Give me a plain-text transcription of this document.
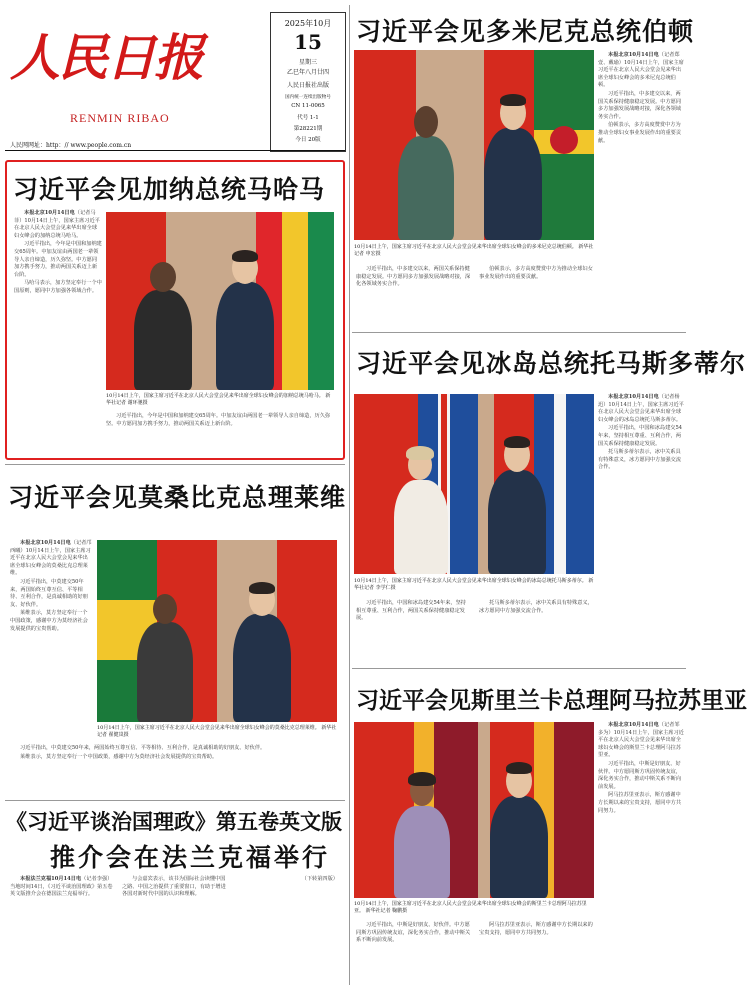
人民日报
RENMIN RIBAO
2025年10月
15
星期三
乙巳年八月廿四
人民日报社出版
国内统一连续出版物号
CN 11-0065
代号 1-1
第28221期
今日 20版
人民网网址：http：// www.people.com.cn
习近平会见加纳总统马哈马

本报北京10月14日电（记者马菲）10月14日上午，国家主席习近平在北京人民大会堂会见来华出席全球妇女峰会的加纳总统马哈马。

习近平指出，今年是中国和加纳建交65周年。中加友谊由两国老一辈领导人亲自缔造，历久弥坚。中方愿同加方携手努力，推动两国关系迈上新台阶。

马哈马表示，加方坚定奉行一个中国原则，愿同中方加强各领域合作。

10月14日上午，国家主席习近平在北京人民大会堂会见来华出席全球妇女峰会的加纳总统马哈马。 新华社记者 谢环驰摄

习近平指出，今年是中国和加纳建交65周年。中加友谊由两国老一辈领导人亲自缔造，历久弥坚。中方愿同加方携手努力，推动两国关系迈上新台阶。

习近平会见莫桑比克总理莱维

本报北京10月14日电（记者邝西曦）10月14日上午，国家主席习近平在北京人民大会堂会见来华出席全球妇女峰会的莫桑比克总理莱维。

习近平指出，中莫建交50年来，两国始终互尊互信、平等相待、互利合作，是真诚相助的好朋友、好伙伴。

莱维表示，莫方坚定奉行一个中国政策，感谢中方为莫经济社会发展提供的宝贵帮助。

10月14日上午，国家主席习近平在北京人民大会堂会见来华出席全球妇女峰会的莫桑比克总理莱维。 新华社记者 翟健岚摄

习近平指出，中莫建交50年来，两国始终互尊互信、平等相待、互利合作，是真诚相助的好朋友、好伙伴。

莱维表示，莫方坚定奉行一个中国政策，感谢中方为莫经济社会发展提供的宝贵帮助。

《习近平谈治国理政》第五卷英文版
推介会在法兰克福举行

本报法兰克福10月14日电（记者李强）当地时间14日，《习近平谈治国理政》第五卷英文版推介会在德国法兰克福举行。

与会嘉宾表示，该书为国际社会读懂中国之路、中国之治提供了重要窗口，有助于增进各国对新时代中国的认识和理解。

（下转第四版）

习近平会见多米尼克总统伯顿
10月14日上午，国家主席习近平在北京人民大会堂会见来华出席全球妇女峰会的多米尼克总统伯顿。 新华社记者 申宏摄

本报北京10月14日电（记者郑壹、戴瑜）10月14日上午，国家主席习近平在北京人民大会堂会见来华出席全球妇女峰会的多米尼克总统伯顿。

习近平指出，中多建交以来，两国关系保持健康稳定发展。中方愿同多方加强发展战略对接，深化各领域务实合作。

伯顿表示，多方高度赞赏中方为推动全球妇女事业发展作出的重要贡献。

习近平指出，中多建交以来，两国关系保持健康稳定发展。中方愿同多方加强发展战略对接，深化各领域务实合作。

伯顿表示，多方高度赞赏中方为推动全球妇女事业发展作出的重要贡献。

习近平会见冰岛总统托马斯多蒂尔
10月14日上午，国家主席习近平在北京人民大会堂会见来华出席全球妇女峰会的冰岛总统托马斯多蒂尔。 新华社记者 李学仁摄

本报北京10月14日电（记者杨迅）10月14日上午，国家主席习近平在北京人民大会堂会见来华出席全球妇女峰会的冰岛总统托马斯多蒂尔。

习近平指出，中国和冰岛建交54年来，坚持相互尊重、互利合作，两国关系保持健康稳定发展。

托马斯多蒂尔表示，冰中关系具有特殊意义，冰方愿同中方加强交流合作。

习近平指出，中国和冰岛建交54年来，坚持相互尊重、互利合作，两国关系保持健康稳定发展。

托马斯多蒂尔表示，冰中关系具有特殊意义，冰方愿同中方加强交流合作。

习近平会见斯里兰卡总理阿马拉苏里亚
10月14日上午，国家主席习近平在北京人民大会堂会见来华出席全球妇女峰会的斯里兰卡总理阿马拉苏里亚。 新华社记者 鞠鹏摄

本报北京10月14日电（记者邹多为）10月14日上午，国家主席习近平在北京人民大会堂会见来华出席全球妇女峰会的斯里兰卡总理阿马拉苏里亚。

习近平指出，中斯是好朋友、好伙伴。中方愿同斯方巩固传统友谊，深化务实合作，推动中斯关系不断向前发展。

阿马拉苏里亚表示，斯方感谢中方长期以来的宝贵支持，愿同中方共同努力。

习近平指出，中斯是好朋友、好伙伴。中方愿同斯方巩固传统友谊，深化务实合作，推动中斯关系不断向前发展。

阿马拉苏里亚表示，斯方感谢中方长期以来的宝贵支持，愿同中方共同努力。
